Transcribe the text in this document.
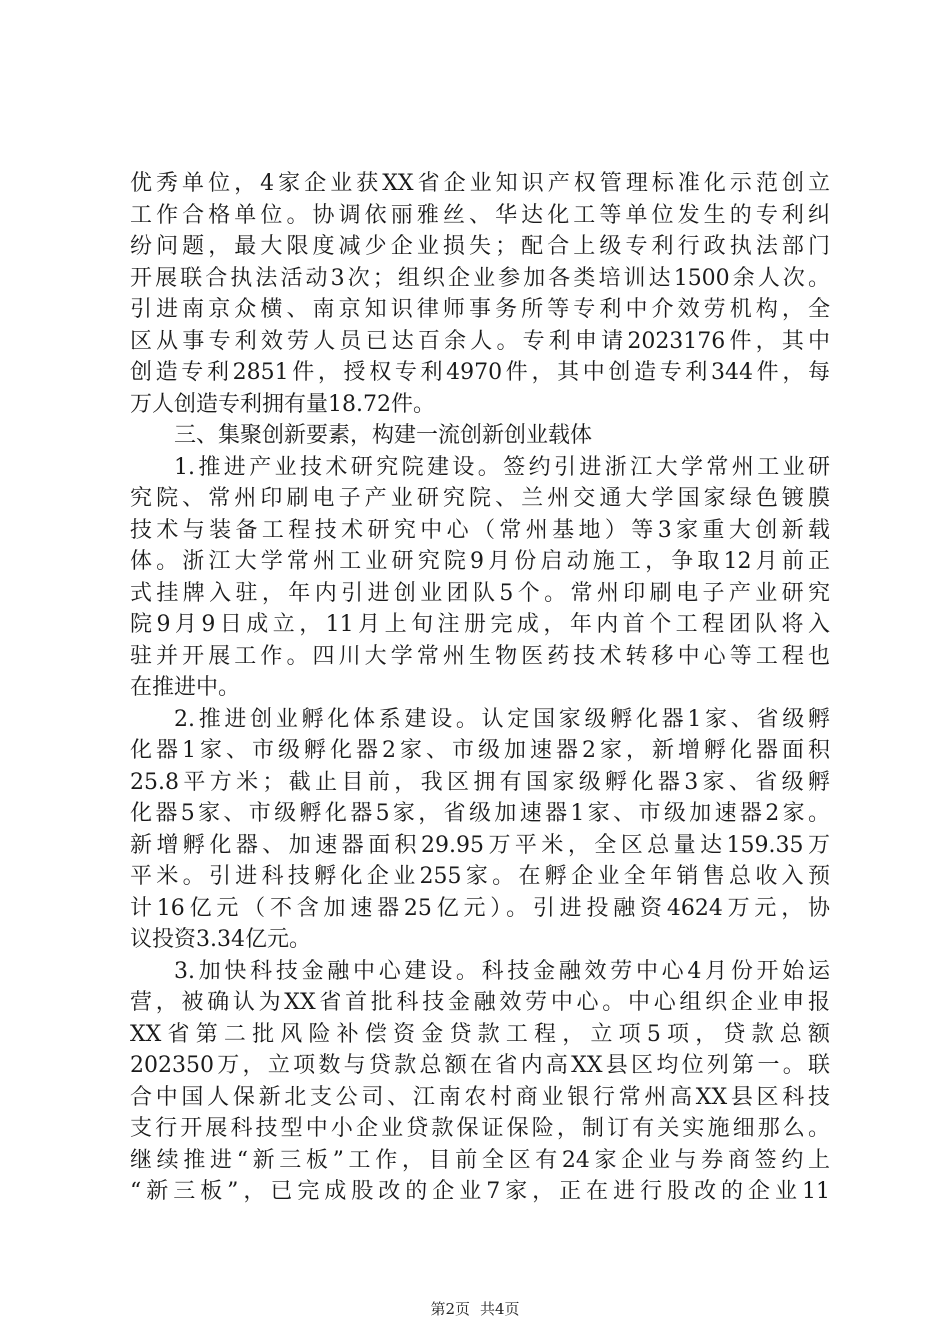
优秀单位，4家企业获XX省企业知识产权管理标准化示范创立
工作合格单位。协调依丽雅丝、华达化工等单位发生的专利纠
纷问题，最大限度减少企业损失；配合上级专利行政执法部门
开展联合执法活动3次；组织企业参加各类培训达1500余人次。
引进南京众横、南京知识律师事务所等专利中介效劳机构，全
区从事专利效劳人员已达百余人。专利申请2023176件，其中
创造专利2851件，授权专利4970件，其中创造专利344件，每
万人创造专利拥有量18.72件。
三、集聚创新要素，构建一流创新创业载体
1.推进产业技术研究院建设。签约引进浙江大学常州工业研
究院、常州印刷电子产业研究院、兰州交通大学国家绿色镀膜
技术与装备工程技术研究中心（常州基地）等3家重大创新载
体。浙江大学常州工业研究院9月份启动施工，争取12月前正
式挂牌入驻，年内引进创业团队5个。常州印刷电子产业研究
院9月9日成立，11月上旬注册完成，年内首个工程团队将入
驻并开展工作。四川大学常州生物医药技术转移中心等工程也
在推进中。
2.推进创业孵化体系建设。认定国家级孵化器1家、省级孵
化器1家、市级孵化器2家、市级加速器2家，新增孵化器面积
25.8平方米；截止目前，我区拥有国家级孵化器3家、省级孵
化器5家、市级孵化器5家，省级加速器1家、市级加速器2家。
新增孵化器、加速器面积29.95万平米，全区总量达159.35万
平米。引进科技孵化企业255家。在孵企业全年销售总收入预
计16亿元（不含加速器25亿元）。引进投融资4624万元，协
议投资3.34亿元。
3.加快科技金融中心建设。科技金融效劳中心4月份开始运
营，被确认为XX省首批科技金融效劳中心。中心组织企业申报
XX省第二批风险补偿资金贷款工程，立项5项，贷款总额
202350万，立项数与贷款总额在省内高XX县区均位列第一。联
合中国人保新北支公司、江南农村商业银行常州高XX县区科技
支行开展科技型中小企业贷款保证保险，制订有关实施细那么。
继续推进“新三板”工作，目前全区有24家企业与券商签约上
“新三板”，已完成股改的企业7家，正在进行股改的企业11
第2页 共4页
